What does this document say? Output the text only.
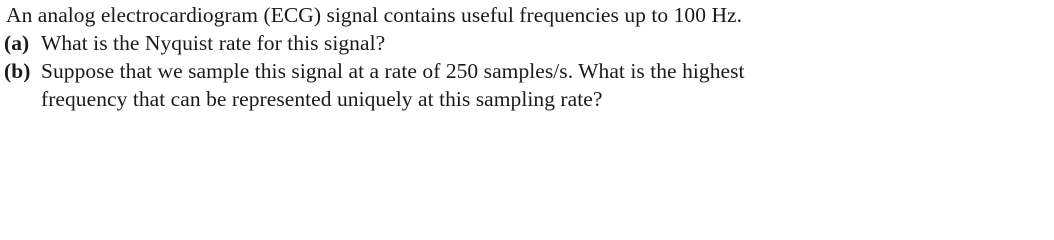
An analog electrocardiogram (ECG) signal contains useful frequencies up to 100 Hz.
(a) What is the Nyquist rate for this signal?
(b) Suppose that we sample this signal at a rate of 250 samples/s. What is the highest
frequency that can be represented uniquely at this sampling rate?
